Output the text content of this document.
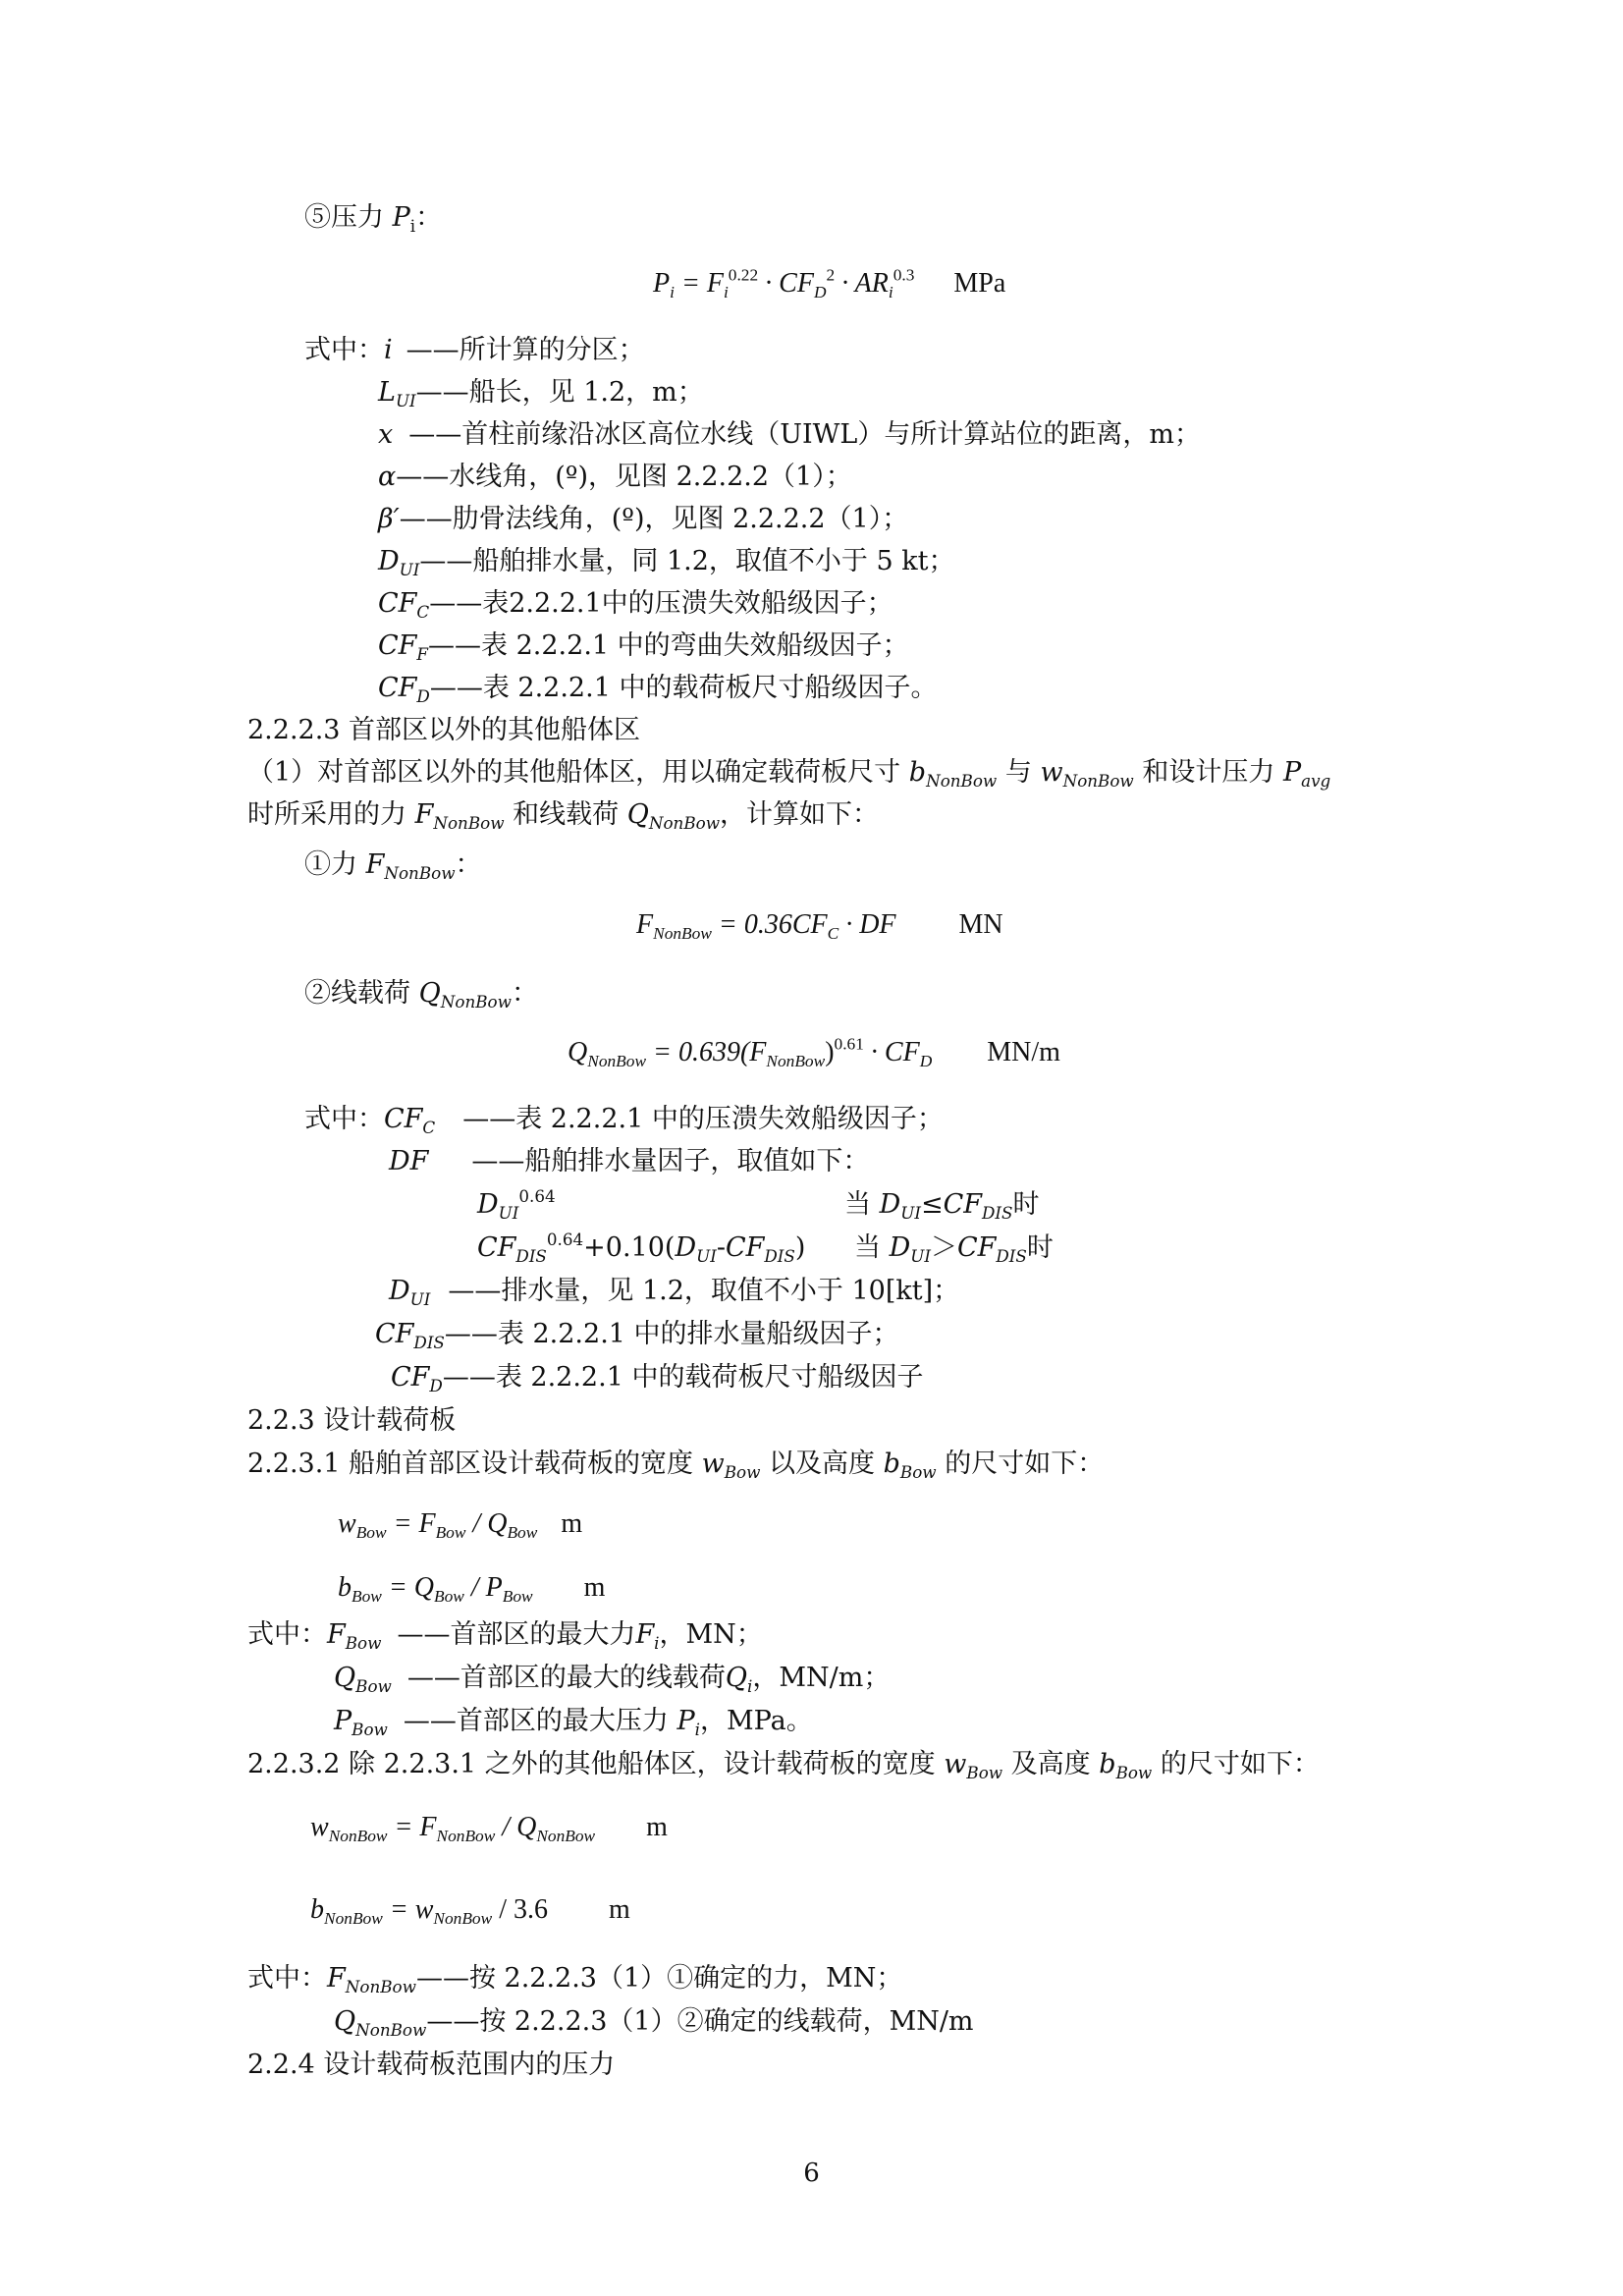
⑤压力 $P_i$：
$P_i = F_i^{0.22} \cdot CF_D^2 \cdot AR_i^{0.3}$ MPa
式中：i ——所计算的分区；
$L_{UI}——$船长，见 1.2，m；
x ——首柱前缘沿冰区高位水线（UIWL）与所计算站位的距离，m；
α——水线角，(º)，见图 2.2.2.2（1）；
β′——肋骨法线角，(º)，见图 2.2.2.2（1）；
$D_{UI}——$船舶排水量，同 1.2，取值不小于 5 kt；
$CF_C——$表2.2.2.1中的压溃失效船级因子；
$CF_F——$表 2.2.2.1 中的弯曲失效船级因子；
$CF_D——$表 2.2.2.1 中的载荷板尺寸船级因子。
2.2.2.3 首部区以外的其他船体区
（1）对首部区以外的其他船体区，用以确定载荷板尺寸 $b_{NonBow}$ 与 $w_{NonBow}$ 和设计压力 $P_{avg}$
时所采用的力 $F_{NonBow}$ 和线载荷 $Q_{NonBow}$，计算如下：
①力 $F_{NonBow}$：
$F_{NonBow} = 0.36CF_C$ · DF MN
②线载荷 $Q_{NonBow}$：
$Q_{NonBow} = 0.639(F_{NonBow})^{0.61} \cdot CF_D$ MN/m
式中：$CF_C$ ——表 2.2.2.1 中的压溃失效船级因子；
DF ——船舶排水量因子，取值如下：
$D_{UI}^{0.64}$	当 $D_{UI}\le CF_{DIS}$时
$CF_{DIS}^{0.64}+0.10(D_{UI}-CF_{DIS})$ 当 $D_{UI}>CF_{DIS}$时
$D_{UI}$ ——排水量，见 1.2，取值不小于 10[kt]；
$CF_{DIS}——$表 2.2.2.1 中的排水量船级因子；
$CF_D——$表 2.2.2.1 中的载荷板尺寸船级因子
2.2.3 设计载荷板
2.2.3.1 船舶首部区设计载荷板的宽度 $w_{Bow}$ 以及高度 $b_{Bow}$ 的尺寸如下：
$w_{Bow} = F_{Bow} / Q_{Bow}$ m
$b_{Bow} = Q_{Bow} / P_{Bow}$ m
式中：$F_{Bow}$ ——首部区的最大力$F_i$，MN；
$Q_{Bow}$ ——首部区的最大的线载荷$Q_i$，MN/m；
$P_{Bow}$ ——首部区的最大压力 $P_i$，MPa。
2.2.3.2 除 2.2.3.1 之外的其他船体区，设计载荷板的宽度 $w_{Bow}$ 及高度 $b_{Bow}$ 的尺寸如下：
$w_{NonBow} = F_{NonBow} / Q_{NonBow}$ m
$b_{NonBow} = w_{NonBow} / 3.6$ m
式中：$F_{NonBow}——$按 2.2.2.3（1）①确定的力，MN；
$Q_{NonBow}——$按 2.2.2.3（1）②确定的线载荷，MN/m
2.2.4 设计载荷板范围内的压力
6
